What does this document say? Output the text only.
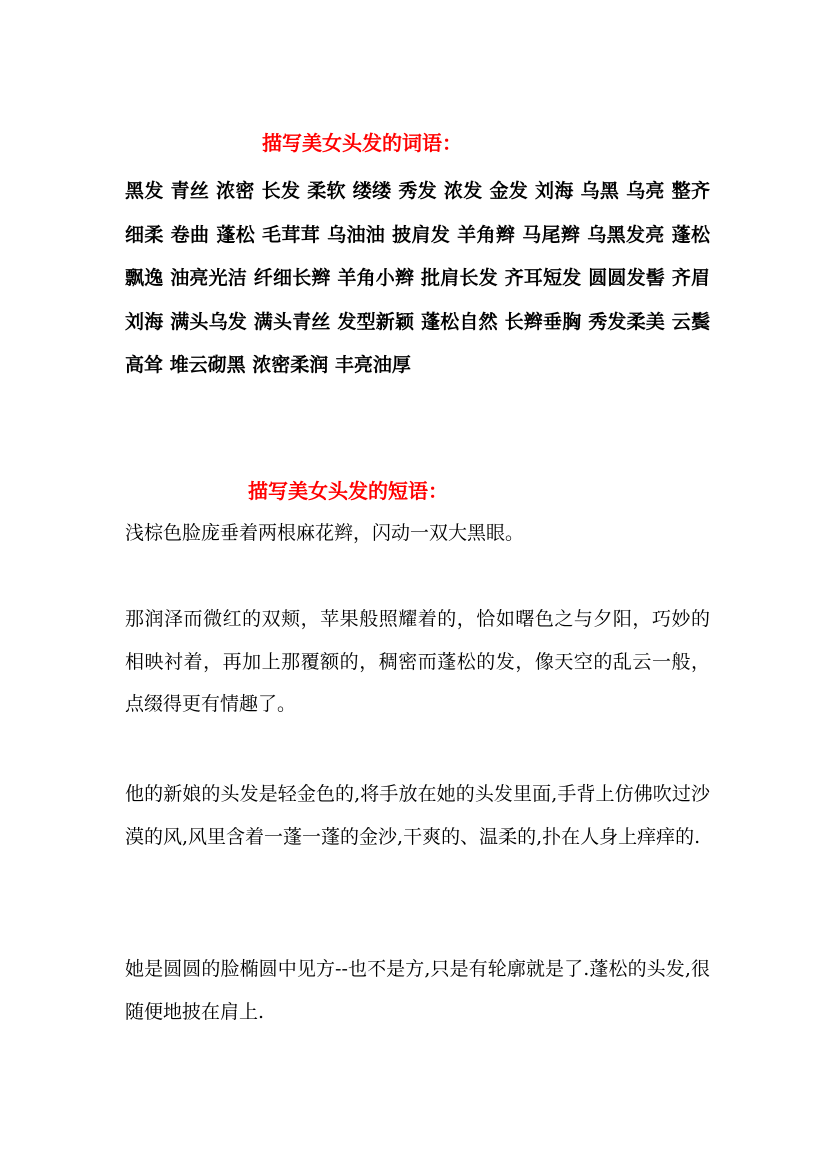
描写美女头发的词语：
黑发 青丝 浓密 长发 柔软 缕缕 秀发 浓发 金发 刘海 乌黑 乌亮 整齐 细柔 卷曲 蓬松 毛茸茸 乌油油 披肩发 羊角辫 马尾辫 乌黑发亮 蓬松飘逸 油亮光洁 纤细长辫 羊角小辫 批肩长发 齐耳短发 圆圆发髻 齐眉刘海 满头乌发 满头青丝 发型新颖 蓬松自然 长辫垂胸 秀发柔美 云鬓高耸 堆云砌黑 浓密柔润 丰亮油厚
描写美女头发的短语：
浅棕色脸庞垂着两根麻花辫，闪动一双大黑眼。
那润泽而微红的双颊，苹果般照耀着的，恰如曙色之与夕阳，巧妙的相映衬着，再加上那覆额的，稠密而蓬松的发，像天空的乱云一般，点缀得更有情趣了。
他的新娘的头发是轻金色的,将手放在她的头发里面,手背上仿佛吹过沙漠的风,风里含着一蓬一蓬的金沙,干爽的、温柔的,扑在人身上痒痒的.
她是圆圆的脸椭圆中见方--也不是方,只是有轮廓就是了.蓬松的头发,很随便地披在肩上.
